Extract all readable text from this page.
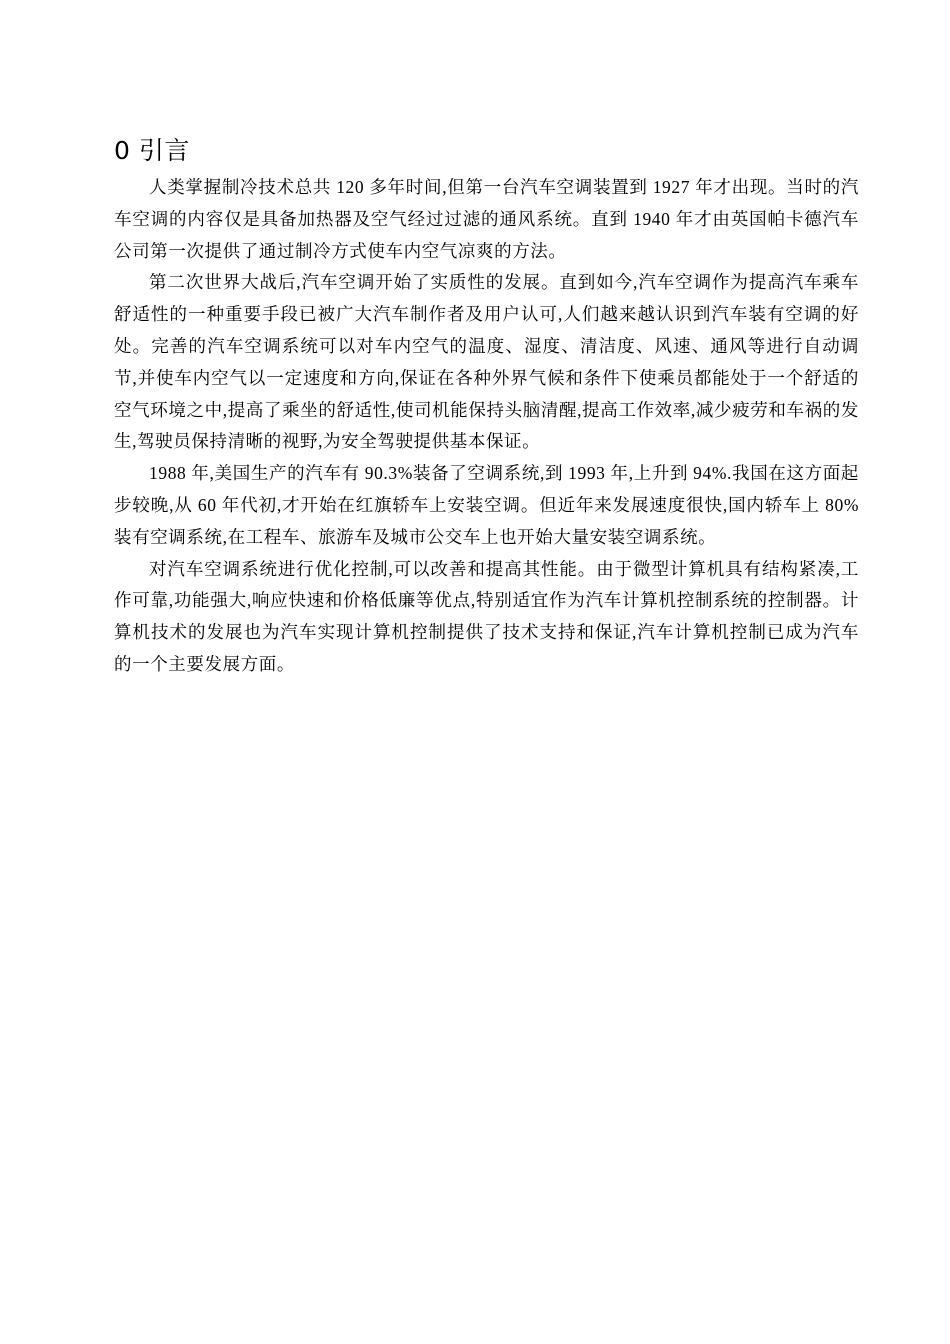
0 引言

人类掌握制冷技术总共 120 多年时间,但第一台汽车空调装置到 1927 年才出现。当时的汽车空调的内容仅是具备加热器及空气经过过滤的通风系统。直到 1940 年才由英国帕卡德汽车公司第一次提供了通过制冷方式使车内空气凉爽的方法。

第二次世界大战后,汽车空调开始了实质性的发展。直到如今,汽车空调作为提高汽车乘车舒适性的一种重要手段已被广大汽车制作者及用户认可,人们越来越认识到汽车装有空调的好处。完善的汽车空调系统可以对车内空气的温度、湿度、清洁度、风速、通风等进行自动调节,并使车内空气以一定速度和方向,保证在各种外界气候和条件下使乘员都能处于一个舒适的空气环境之中,提高了乘坐的舒适性,使司机能保持头脑清醒,提高工作效率,减少疲劳和车祸的发生,驾驶员保持清晰的视野,为安全驾驶提供基本保证。

1988 年,美国生产的汽车有 90.3%装备了空调系统,到 1993 年,上升到 94%.我国在这方面起步较晚,从 60 年代初,才开始在红旗轿车上安装空调。但近年来发展速度很快,国内轿车上 80%装有空调系统,在工程车、旅游车及城市公交车上也开始大量安装空调系统。

对汽车空调系统进行优化控制,可以改善和提高其性能。由于微型计算机具有结构紧凑,工作可靠,功能强大,响应快速和价格低廉等优点,特别适宜作为汽车计算机控制系统的控制器。计算机技术的发展也为汽车实现计算机控制提供了技术支持和保证,汽车计算机控制已成为汽车的一个主要发展方面。
